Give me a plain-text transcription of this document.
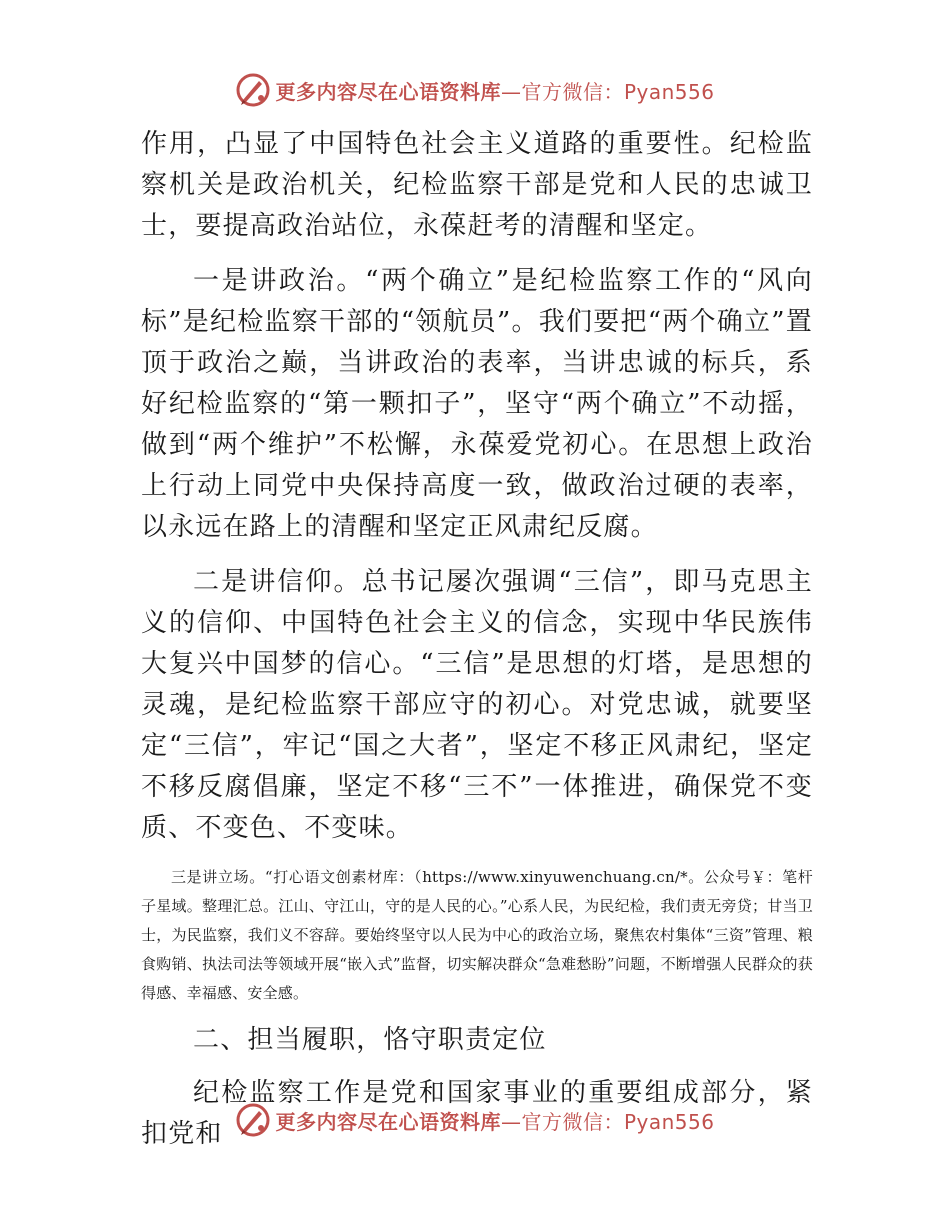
更多内容尽在心语资料库—官方微信：Pyan556

作用，凸显了中国特色社会主义道路的重要性。纪检监察机关是政治机关，纪检监察干部是党和人民的忠诚卫士，要提高政治站位，永葆赶考的清醒和坚定。

一是讲政治。“两个确立”是纪检监察工作的“风向标”是纪检监察干部的“领航员”。我们要把“两个确立”置顶于政治之巅，当讲政治的表率，当讲忠诚的标兵，系好纪检监察的“第一颗扣子”，坚守“两个确立”不动摇，做到“两个维护”不松懈，永葆爱党初心。在思想上政治上行动上同党中央保持高度一致，做政治过硬的表率，以永远在路上的清醒和坚定正风肃纪反腐。

二是讲信仰。总书记屡次强调“三信”，即马克思主义的信仰、中国特色社会主义的信念，实现中华民族伟大复兴中国梦的信心。“三信”是思想的灯塔，是思想的灵魂，是纪检监察干部应守的初心。对党忠诚，就要坚定“三信”，牢记“国之大者”，坚定不移正风肃纪，坚定不移反腐倡廉，坚定不移“三不”一体推进，确保党不变质、不变色、不变味。

三是讲立场。“打心语文创素材库：（https://www.xinyuwenchuang.cn/*。公众号￥：笔杆子星域。整理汇总。江山、守江山，守的是人民的心。”心系人民，为民纪检，我们责无旁贷；甘当卫士，为民监察，我们义不容辞。要始终坚守以人民为中心的政治立场，聚焦农村集体“三资”管理、粮食购销、执法司法等领域开展“嵌入式”监督，切实解决群众“急难愁盼”问题，不断增强人民群众的获得感、幸福感、安全感。

二、担当履职，恪守职责定位

纪检监察工作是党和国家事业的重要组成部分，紧扣党和	更多内容尽在心语资料库—官方微信：Pyan556
